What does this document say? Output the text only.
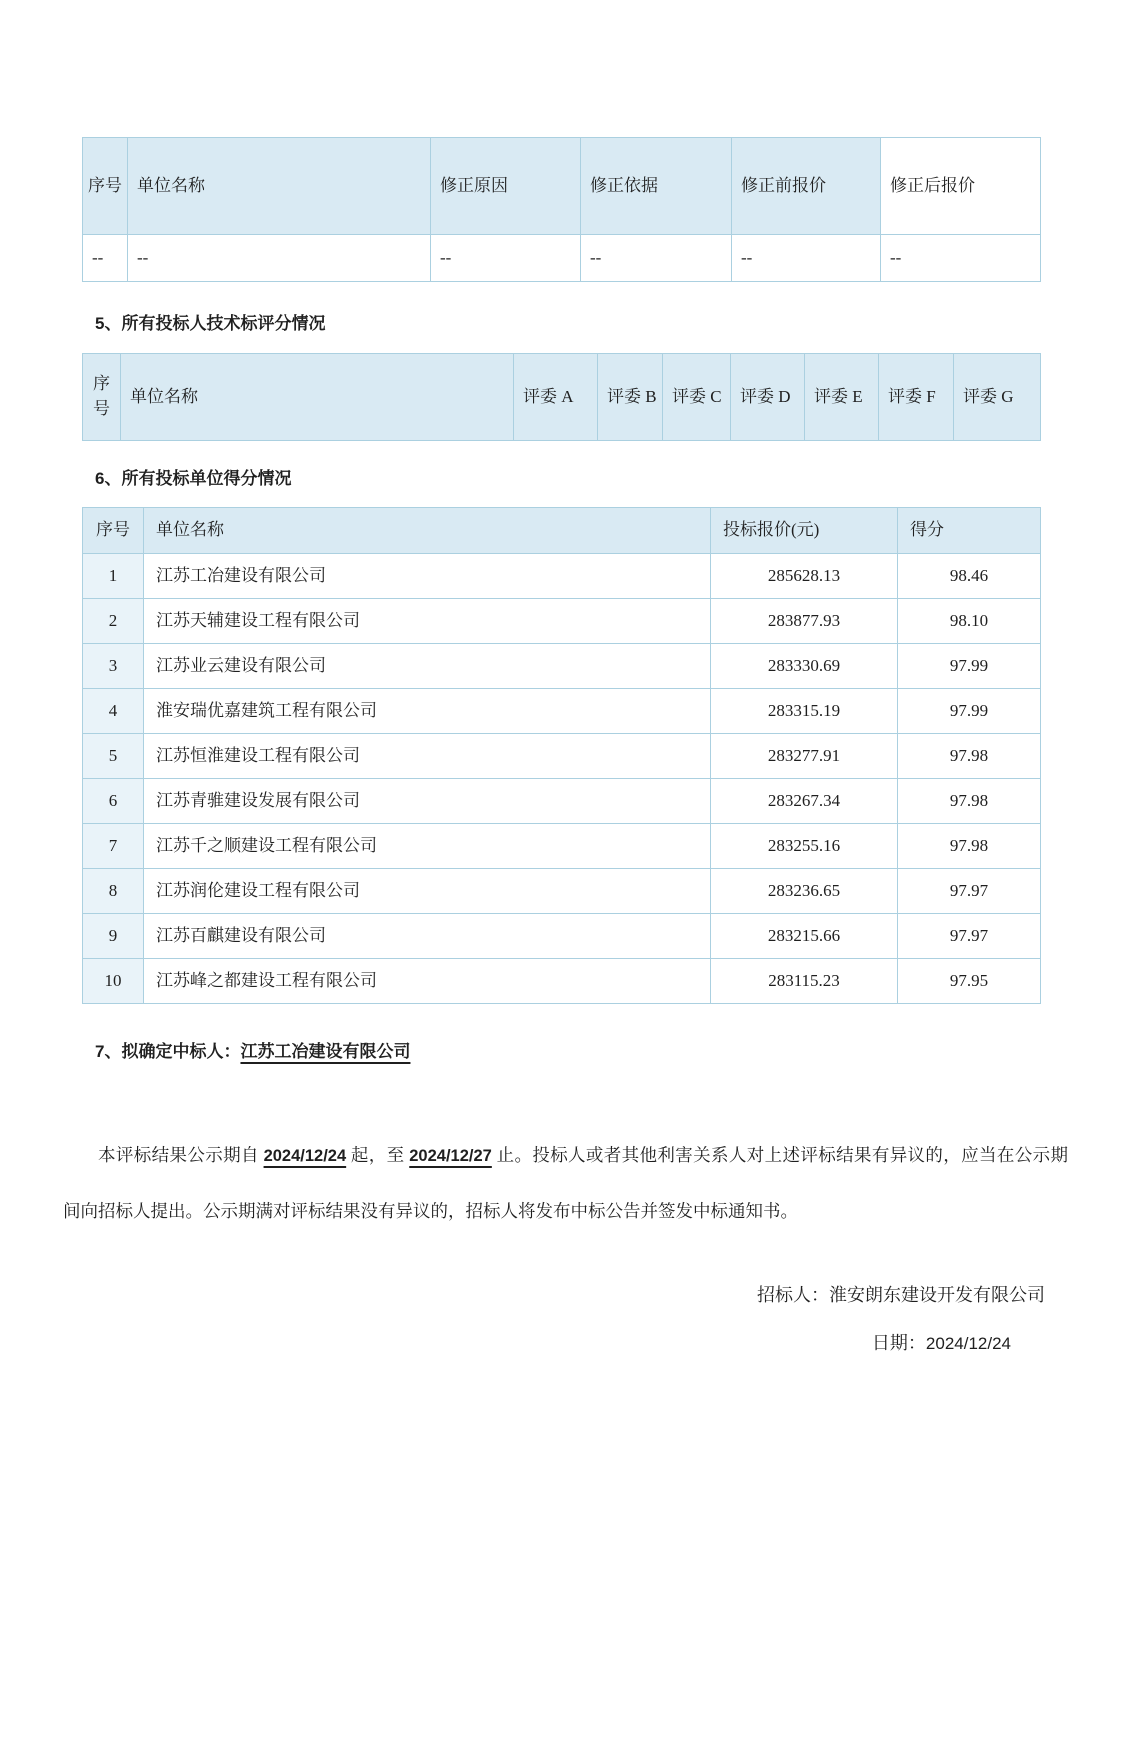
序号	单位名称	修正原因	修正依据	修正前报价	修正后报价
--	--	--	--	--	--
5、所有投标人技术标评分情况
序号	单位名称	评委 A	评委 B	评委 C	评委 D	评委 E	评委 F	评委 G
6、所有投标单位得分情况
序号	单位名称	投标报价(元)	得分
1	江苏工冶建设有限公司	285628.13	98.46
2	江苏天辅建设工程有限公司	283877.93	98.10
3	江苏业云建设有限公司	283330.69	97.99
4	淮安瑞优嘉建筑工程有限公司	283315.19	97.99
5	江苏恒淮建设工程有限公司	283277.91	97.98
6	江苏青骓建设发展有限公司	283267.34	97.98
7	江苏千之顺建设工程有限公司	283255.16	97.98
8	江苏润伦建设工程有限公司	283236.65	97.97
9	江苏百麒建设有限公司	283215.66	97.97
10	江苏峰之都建设工程有限公司	283115.23	97.95
7、拟确定中标人：江苏工冶建设有限公司

本评标结果公示期自 2024/12/24 起，至 2024/12/27 止。投标人或者其他利害关系人对上述评标结果有异议的，应当在公示期间向招标人提出。公示期满对评标结果没有异议的，招标人将发布中标公告并签发中标通知书。

招标人：淮安朗东建设开发有限公司
日期：2024/12/24
